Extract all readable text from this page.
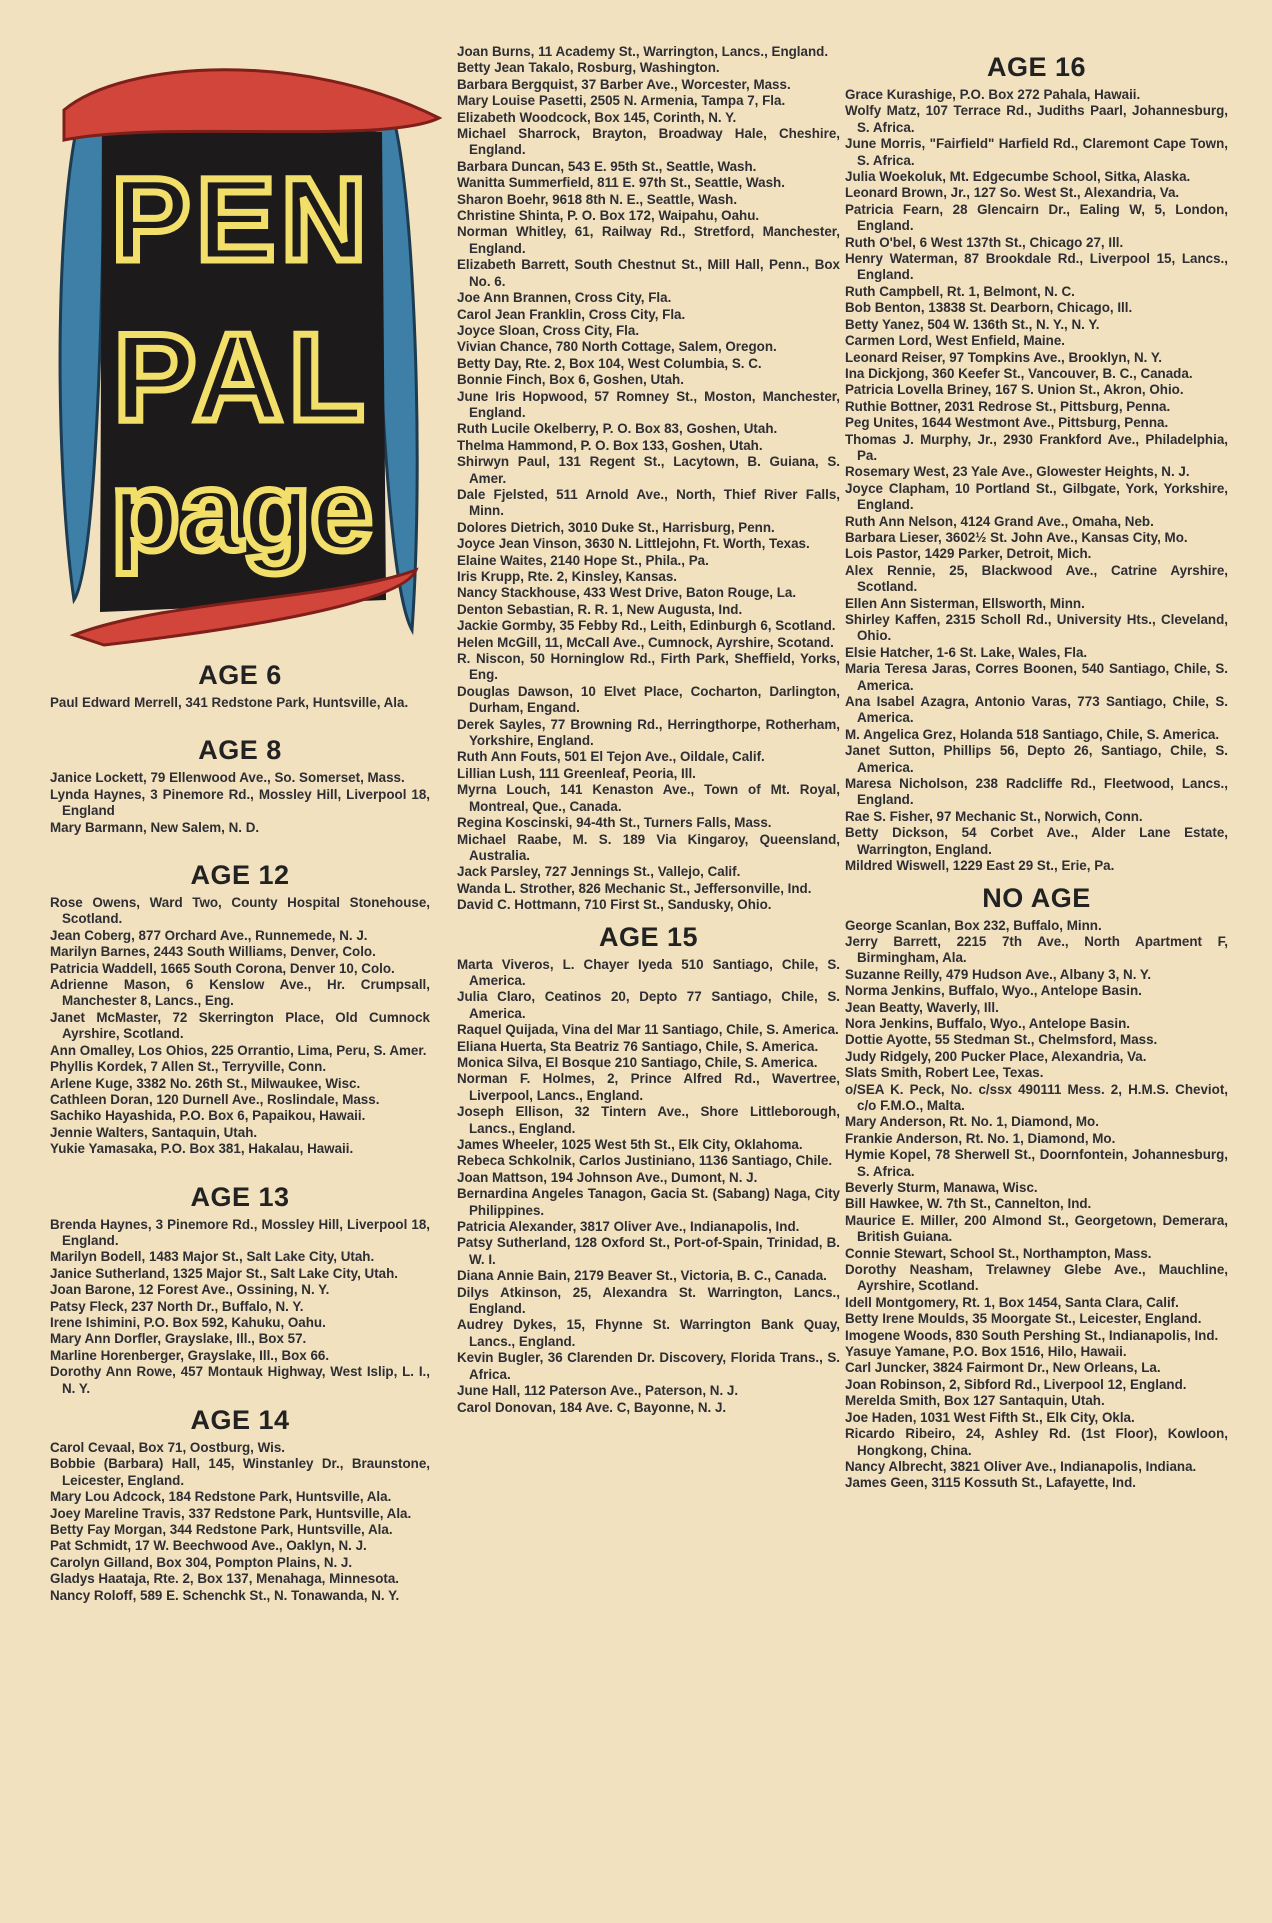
PEN
PAL
page
AGE 6
Paul Edward Merrell, 341 Redstone Park, Huntsville, Ala.
AGE 8
Janice Lockett, 79 Ellenwood Ave., So. Somerset, Mass.
Lynda Haynes, 3 Pinemore Rd., Mossley Hill, Liverpool 18, England
Mary Barmann, New Salem, N. D.
AGE 12
Rose Owens, Ward Two, County Hospital Stonehouse, Scotland.
Jean Coberg, 877 Orchard Ave., Runnemede, N. J.
Marilyn Barnes, 2443 South Williams, Denver, Colo.
Patricia Waddell, 1665 South Corona, Denver 10, Colo.
Adrienne Mason, 6 Kenslow Ave., Hr. Crumpsall, Manchester 8, Lancs., Eng.
Janet McMaster, 72 Skerrington Place, Old Cumnock Ayrshire, Scotland.
Ann Omalley, Los Ohios, 225 Orrantio, Lima, Peru, S. Amer.
Phyllis Kordek, 7 Allen St., Terryville, Conn.
Arlene Kuge, 3382 No. 26th St., Milwaukee, Wisc.
Cathleen Doran, 120 Durnell Ave., Roslindale, Mass.
Sachiko Hayashida, P.O. Box 6, Papaikou, Hawaii.
Jennie Walters, Santaquin, Utah.
Yukie Yamasaka, P.O. Box 381, Hakalau, Hawaii.
AGE 13
Brenda Haynes, 3 Pinemore Rd., Mossley Hill, Liverpool 18, England.
Marilyn Bodell, 1483 Major St., Salt Lake City, Utah.
Janice Sutherland, 1325 Major St., Salt Lake City, Utah.
Joan Barone, 12 Forest Ave., Ossining, N. Y.
Patsy Fleck, 237 North Dr., Buffalo, N. Y.
Irene Ishimini, P.O. Box 592, Kahuku, Oahu.
Mary Ann Dorfler, Grayslake, Ill., Box 57.
Marline Horenberger, Grayslake, Ill., Box 66.
Dorothy Ann Rowe, 457 Montauk Highway, West Islip, L. I., N. Y.
AGE 14
Carol Cevaal, Box 71, Oostburg, Wis.
Bobbie (Barbara) Hall, 145, Winstanley Dr., Braunstone, Leicester, England.
Mary Lou Adcock, 184 Redstone Park, Huntsville, Ala.
Joey Mareline Travis, 337 Redstone Park, Huntsville, Ala.
Betty Fay Morgan, 344 Redstone Park, Huntsville, Ala.
Pat Schmidt, 17 W. Beechwood Ave., Oaklyn, N. J.
Carolyn Gilland, Box 304, Pompton Plains, N. J.
Gladys Haataja, Rte. 2, Box 137, Menahaga, Minnesota.
Nancy Roloff, 589 E. Schenchk St., N. Tonawanda, N. Y.
Joan Burns, 11 Academy St., Warrington, Lancs., England.
Betty Jean Takalo, Rosburg, Washington.
Barbara Bergquist, 37 Barber Ave., Worcester, Mass.
Mary Louise Pasetti, 2505 N. Armenia, Tampa 7, Fla.
Elizabeth Woodcock, Box 145, Corinth, N. Y.
Michael Sharrock, Brayton, Broadway Hale, Cheshire, England.
Barbara Duncan, 543 E. 95th St., Seattle, Wash.
Wanitta Summerfield, 811 E. 97th St., Seattle, Wash.
Sharon Boehr, 9618 8th N. E., Seattle, Wash.
Christine Shinta, P. O. Box 172, Waipahu, Oahu.
Norman Whitley, 61, Railway Rd., Stretford, Manchester, England.
Elizabeth Barrett, South Chestnut St., Mill Hall, Penn., Box No. 6.
Joe Ann Brannen, Cross City, Fla.
Carol Jean Franklin, Cross City, Fla.
Joyce Sloan, Cross City, Fla.
Vivian Chance, 780 North Cottage, Salem, Oregon.
Betty Day, Rte. 2, Box 104, West Columbia, S. C.
Bonnie Finch, Box 6, Goshen, Utah.
June Iris Hopwood, 57 Romney St., Moston, Manchester, England.
Ruth Lucile Okelberry, P. O. Box 83, Goshen, Utah.
Thelma Hammond, P. O. Box 133, Goshen, Utah.
Shirwyn Paul, 131 Regent St., Lacytown, B. Guiana, S. Amer.
Dale Fjelsted, 511 Arnold Ave., North, Thief River Falls, Minn.
Dolores Dietrich, 3010 Duke St., Harrisburg, Penn.
Joyce Jean Vinson, 3630 N. Littlejohn, Ft. Worth, Texas.
Elaine Waites, 2140 Hope St., Phila., Pa.
Iris Krupp, Rte. 2, Kinsley, Kansas.
Nancy Stackhouse, 433 West Drive, Baton Rouge, La.
Denton Sebastian, R. R. 1, New Augusta, Ind.
Jackie Gormby, 35 Febby Rd., Leith, Edinburgh 6, Scotland.
Helen McGill, 11, McCall Ave., Cumnock, Ayrshire, Scotand.
R. Niscon, 50 Horninglow Rd., Firth Park, Sheffield, Yorks, Eng.
Douglas Dawson, 10 Elvet Place, Cocharton, Darlington, Durham, Engand.
Derek Sayles, 77 Browning Rd., Herringthorpe, Rotherham, Yorkshire, England.
Ruth Ann Fouts, 501 El Tejon Ave., Oildale, Calif.
Lillian Lush, 111 Greenleaf, Peoria, Ill.
Myrna Louch, 141 Kenaston Ave., Town of Mt. Royal, Montreal, Que., Canada.
Regina Koscinski, 94-4th St., Turners Falls, Mass.
Michael Raabe, M. S. 189 Via Kingaroy, Queensland, Australia.
Jack Parsley, 727 Jennings St., Vallejo, Calif.
Wanda L. Strother, 826 Mechanic St., Jeffersonville, Ind.
David C. Hottmann, 710 First St., Sandusky, Ohio.
AGE 15
Marta Viveros, L. Chayer Iyeda 510 Santiago, Chile, S. America.
Julia Claro, Ceatinos 20, Depto 77 Santiago, Chile, S. America.
Raquel Quijada, Vina del Mar 11 Santiago, Chile, S. America.
Eliana Huerta, Sta Beatriz 76 Santiago, Chile, S. America.
Monica Silva, El Bosque 210 Santiago, Chile, S. America.
Norman F. Holmes, 2, Prince Alfred Rd., Wavertree, Liverpool, Lancs., England.
Joseph Ellison, 32 Tintern Ave., Shore Littleborough, Lancs., England.
James Wheeler, 1025 West 5th St., Elk City, Oklahoma.
Rebeca Schkolnik, Carlos Justiniano, 1136 Santiago, Chile.
Joan Mattson, 194 Johnson Ave., Dumont, N. J.
Bernardina Angeles Tanagon, Gacia St. (Sabang) Naga, City Philippines.
Patricia Alexander, 3817 Oliver Ave., Indianapolis, Ind.
Patsy Sutherland, 128 Oxford St., Port-of-Spain, Trinidad, B. W. I.
Diana Annie Bain, 2179 Beaver St., Victoria, B. C., Canada.
Dilys Atkinson, 25, Alexandra St. Warrington, Lancs., England.
Audrey Dykes, 15, Fhynne St. Warrington Bank Quay, Lancs., England.
Kevin Bugler, 36 Clarenden Dr. Discovery, Florida Trans., S. Africa.
June Hall, 112 Paterson Ave., Paterson, N. J.
Carol Donovan, 184 Ave. C, Bayonne, N. J.
AGE 16
Grace Kurashige, P.O. Box 272 Pahala, Hawaii.
Wolfy Matz, 107 Terrace Rd., Judiths Paarl, Johannesburg, S. Africa.
June Morris, "Fairfield" Harfield Rd., Claremont Cape Town, S. Africa.
Julia Woekoluk, Mt. Edgecumbe School, Sitka, Alaska.
Leonard Brown, Jr., 127 So. West St., Alexandria, Va.
Patricia Fearn, 28 Glencairn Dr., Ealing W, 5, London, England.
Ruth O'bel, 6 West 137th St., Chicago 27, Ill.
Henry Waterman, 87 Brookdale Rd., Liverpool 15, Lancs., England.
Ruth Campbell, Rt. 1, Belmont, N. C.
Bob Benton, 13838 St. Dearborn, Chicago, Ill.
Betty Yanez, 504 W. 136th St., N. Y., N. Y.
Carmen Lord, West Enfield, Maine.
Leonard Reiser, 97 Tompkins Ave., Brooklyn, N. Y.
Ina Dickjong, 360 Keefer St., Vancouver, B. C., Canada.
Patricia Lovella Briney, 167 S. Union St., Akron, Ohio.
Ruthie Bottner, 2031 Redrose St., Pittsburg, Penna.
Peg Unites, 1644 Westmont Ave., Pittsburg, Penna.
Thomas J. Murphy, Jr., 2930 Frankford Ave., Philadelphia, Pa.
Rosemary West, 23 Yale Ave., Glowester Heights, N. J.
Joyce Clapham, 10 Portland St., Gilbgate, York, Yorkshire, England.
Ruth Ann Nelson, 4124 Grand Ave., Omaha, Neb.
Barbara Lieser, 3602½ St. John Ave., Kansas City, Mo.
Lois Pastor, 1429 Parker, Detroit, Mich.
Alex Rennie, 25, Blackwood Ave., Catrine Ayrshire, Scotland.
Ellen Ann Sisterman, Ellsworth, Minn.
Shirley Kaffen, 2315 Scholl Rd., University Hts., Cleveland, Ohio.
Elsie Hatcher, 1-6 St. Lake, Wales, Fla.
Maria Teresa Jaras, Corres Boonen, 540 Santiago, Chile, S. America.
Ana Isabel Azagra, Antonio Varas, 773 Santiago, Chile, S. America.
M. Angelica Grez, Holanda 518 Santiago, Chile, S. America.
Janet Sutton, Phillips 56, Depto 26, Santiago, Chile, S. America.
Maresa Nicholson, 238 Radcliffe Rd., Fleetwood, Lancs., England.
Rae S. Fisher, 97 Mechanic St., Norwich, Conn.
Betty Dickson, 54 Corbet Ave., Alder Lane Estate, Warrington, England.
Mildred Wiswell, 1229 East 29 St., Erie, Pa.
NO AGE
George Scanlan, Box 232, Buffalo, Minn.
Jerry Barrett, 2215 7th Ave., North Apartment F, Birmingham, Ala.
Suzanne Reilly, 479 Hudson Ave., Albany 3, N. Y.
Norma Jenkins, Buffalo, Wyo., Antelope Basin.
Jean Beatty, Waverly, Ill.
Nora Jenkins, Buffalo, Wyo., Antelope Basin.
Dottie Ayotte, 55 Stedman St., Chelmsford, Mass.
Judy Ridgely, 200 Pucker Place, Alexandria, Va.
Slats Smith, Robert Lee, Texas.
o/SEA K. Peck, No. c/ssx 490111 Mess. 2, H.M.S. Cheviot, c/o F.M.O., Malta.
Mary Anderson, Rt. No. 1, Diamond, Mo.
Frankie Anderson, Rt. No. 1, Diamond, Mo.
Hymie Kopel, 78 Sherwell St., Doornfontein, Johannesburg, S. Africa.
Beverly Sturm, Manawa, Wisc.
Bill Hawkee, W. 7th St., Cannelton, Ind.
Maurice E. Miller, 200 Almond St., Georgetown, Demerara, British Guiana.
Connie Stewart, School St., Northampton, Mass.
Dorothy Neasham, Trelawney Glebe Ave., Mauchline, Ayrshire, Scotland.
Idell Montgomery, Rt. 1, Box 1454, Santa Clara, Calif.
Betty Irene Moulds, 35 Moorgate St., Leicester, England.
Imogene Woods, 830 South Pershing St., Indianapolis, Ind.
Yasuye Yamane, P.O. Box 1516, Hilo, Hawaii.
Carl Juncker, 3824 Fairmont Dr., New Orleans, La.
Joan Robinson, 2, Sibford Rd., Liverpool 12, England.
Merelda Smith, Box 127 Santaquin, Utah.
Joe Haden, 1031 West Fifth St., Elk City, Okla.
Ricardo Ribeiro, 24, Ashley Rd. (1st Floor), Kowloon, Hongkong, China.
Nancy Albrecht, 3821 Oliver Ave., Indianapolis, Indiana.
James Geen, 3115 Kossuth St., Lafayette, Ind.
